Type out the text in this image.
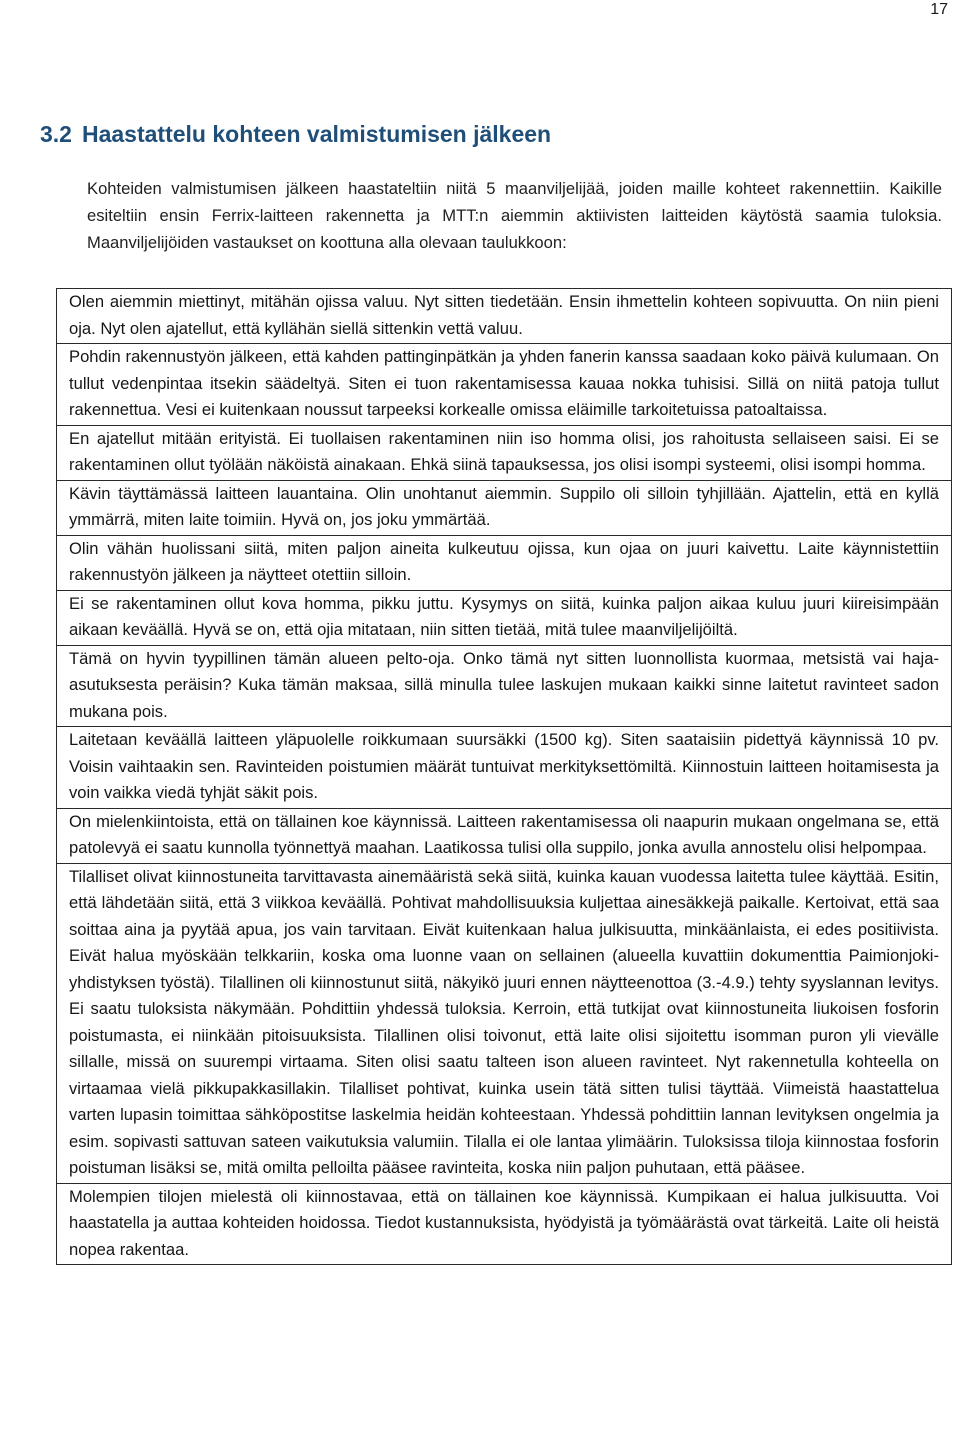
17
3.2 Haastattelu kohteen valmistumisen jälkeen

Kohteiden valmistumisen jälkeen haastateltiin niitä 5 maanviljelijää, joiden maille kohteet rakennettiin. Kaikille esiteltiin ensin Ferrix-laitteen rakennetta ja MTT:n aiemmin aktiivisten laitteiden käytöstä saamia tuloksia. Maanviljelijöiden vastaukset on koottuna alla olevaan taulukkoon:

Olen aiemmin miettinyt, mitähän ojissa valuu. Nyt sitten tiedetään. Ensin ihmettelin kohteen sopivuutta. On niin pieni oja. Nyt olen ajatellut, että kyllähän siellä sittenkin vettä valuu.
Pohdin rakennustyön jälkeen, että kahden pattinginpätkän ja yhden fanerin kanssa saadaan koko päivä kulumaan. On tullut vedenpintaa itsekin säädeltyä. Siten ei tuon rakentamisessa kauaa nokka tuhisisi. Sillä on niitä patoja tullut rakennettua. Vesi ei kuitenkaan noussut tarpeeksi korkealle omissa eläimille tarkoitetuissa patoaltaissa.
En ajatellut mitään erityistä. Ei tuollaisen rakentaminen niin iso homma olisi, jos rahoitusta sellaiseen saisi. Ei se rakentaminen ollut työlään näköistä ainakaan. Ehkä siinä tapauksessa, jos olisi isompi systeemi, olisi isompi homma.
Kävin täyttämässä laitteen lauantaina. Olin unohtanut aiemmin. Suppilo oli silloin tyhjillään. Ajattelin, että en kyllä ymmärrä, miten laite toimiin. Hyvä on, jos joku ymmärtää.
Olin vähän huolissani siitä, miten paljon aineita kulkeutuu ojissa, kun ojaa on juuri kaivettu. Laite käynnistettiin rakennustyön jälkeen ja näytteet otettiin silloin.
Ei se rakentaminen ollut kova homma, pikku juttu. Kysymys on siitä, kuinka paljon aikaa kuluu juuri kiireisimpään aikaan keväällä. Hyvä se on, että ojia mitataan, niin sitten tietää, mitä tulee maanviljelijöiltä.
Tämä on hyvin tyypillinen tämän alueen pelto-oja. Onko tämä nyt sitten luonnollista kuormaa, metsistä vai haja-asutuksesta peräisin? Kuka tämän maksaa, sillä minulla tulee laskujen mukaan kaikki sinne laitetut ravinteet sadon mukana pois.
Laitetaan keväällä laitteen yläpuolelle roikkumaan suursäkki (1500 kg). Siten saataisiin pidettyä käynnissä 10 pv. Voisin vaihtaakin sen. Ravinteiden poistumien määrät tuntuivat merkityksettömiltä. Kiinnostuin laitteen hoitamisesta ja voin vaikka viedä tyhjät säkit pois.
On mielenkiintoista, että on tällainen koe käynnissä. Laitteen rakentamisessa oli naapurin mukaan ongelmana se, että patolevyä ei saatu kunnolla työnnettyä maahan. Laatikossa tulisi olla suppilo, jonka avulla annostelu olisi helpompaa.
Tilalliset olivat kiinnostuneita tarvittavasta ainemääristä sekä siitä, kuinka kauan vuodessa laitetta tulee käyttää. Esitin, että lähdetään siitä, että 3 viikkoa keväällä. Pohtivat mahdollisuuksia kuljettaa ainesäkkejä paikalle. Kertoivat, että saa soittaa aina ja pyytää apua, jos vain tarvitaan. Eivät kuitenkaan halua julkisuutta, minkäänlaista, ei edes positiivista. Eivät halua myöskään telkkariin, koska oma luonne vaan on sellainen (alueella kuvattiin dokumenttia Paimionjoki-yhdistyksen työstä). Tilallinen oli kiinnostunut siitä, näkyikö juuri ennen näytteenottoa (3.-4.9.) tehty syyslannan levitys. Ei saatu tuloksista näkymään. Pohdittiin yhdessä tuloksia. Kerroin, että tutkijat ovat kiinnostuneita liukoisen fosforin poistumasta, ei niinkään pitoisuuksista. Tilallinen olisi toivonut, että laite olisi sijoitettu isomman puron yli vievälle sillalle, missä on suurempi virtaama. Siten olisi saatu talteen ison alueen ravinteet. Nyt rakennetulla kohteella on virtaamaa vielä pikkupakkasillakin. Tilalliset pohtivat, kuinka usein tätä sitten tulisi täyttää. Viimeistä haastattelua varten lupasin toimittaa sähköpostitse laskelmia heidän kohteestaan. Yhdessä pohdittiin lannan levityksen ongelmia ja esim. sopivasti sattuvan sateen vaikutuksia valumiin. Tilalla ei ole lantaa ylimäärin. Tuloksissa tiloja kiinnostaa fosforin poistuman lisäksi se, mitä omilta pelloilta pääsee ravinteita, koska niin paljon puhutaan, että pääsee.
Molempien tilojen mielestä oli kiinnostavaa, että on tällainen koe käynnissä. Kumpikaan ei halua julkisuutta. Voi haastatella ja auttaa kohteiden hoidossa. Tiedot kustannuksista, hyödyistä ja työmäärästä ovat tärkeitä. Laite oli heistä nopea rakentaa.
